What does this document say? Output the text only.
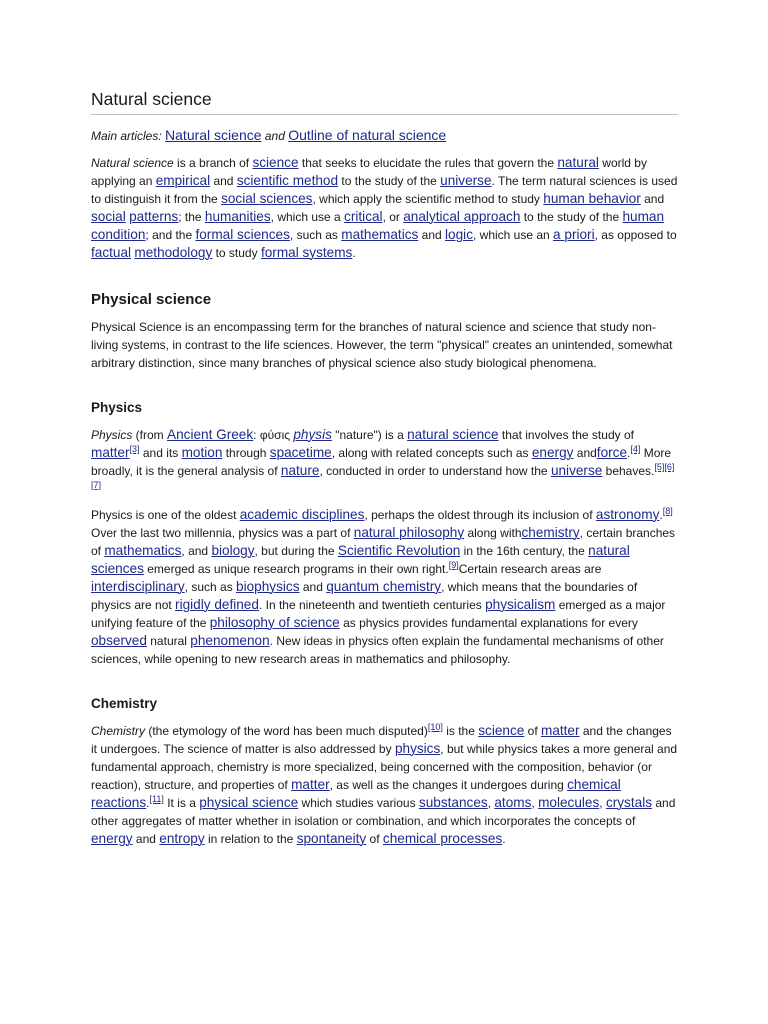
Natural science
Main articles: Natural science and Outline of natural science

Natural science is a branch of science that seeks to elucidate the rules that govern the natural world by applying an empirical and scientific method to the study of the universe. The term natural sciences is used to distinguish it from the social sciences, which apply the scientific method to study human behavior and social patterns; the humanities, which use a critical, or analytical approach to the study of the human condition; and the formal sciences, such as mathematics and logic, which use an a priori, as opposed to factual methodology to study formal systems.

Physical science

Physical Science is an encompassing term for the branches of natural science and science that study non-living systems, in contrast to the life sciences. However, the term "physical" creates an unintended, somewhat arbitrary distinction, since many branches of physical science also study biological phenomena.

Physics

Physics (from Ancient Greek: φύσις physis "nature") is a natural science that involves the study of matter[3] and its motion through spacetime, along with related concepts such as energy andforce.[4] More broadly, it is the general analysis of nature, conducted in order to understand how the universe behaves.[5][6][7]

Physics is one of the oldest academic disciplines, perhaps the oldest through its inclusion of astronomy.[8] Over the last two millennia, physics was a part of natural philosophy along withchemistry, certain branches of mathematics, and biology, but during the Scientific Revolution in the 16th century, the natural sciences emerged as unique research programs in their own right.[9]Certain research areas are interdisciplinary, such as biophysics and quantum chemistry, which means that the boundaries of physics are not rigidly defined. In the nineteenth and twentieth centuries physicalism emerged as a major unifying feature of the philosophy of science as physics provides fundamental explanations for every observed natural phenomenon. New ideas in physics often explain the fundamental mechanisms of other sciences, while opening to new research areas in mathematics and philosophy.

Chemistry

Chemistry (the etymology of the word has been much disputed)[10] is the science of matter and the changes it undergoes. The science of matter is also addressed by physics, but while physics takes a more general and fundamental approach, chemistry is more specialized, being concerned with the composition, behavior (or reaction), structure, and properties of matter, as well as the changes it undergoes during chemical reactions.[11] It is a physical science which studies various substances, atoms, molecules, crystals and other aggregates of matter whether in isolation or combination, and which incorporates the concepts of energy and entropy in relation to the spontaneity of chemical processes.
